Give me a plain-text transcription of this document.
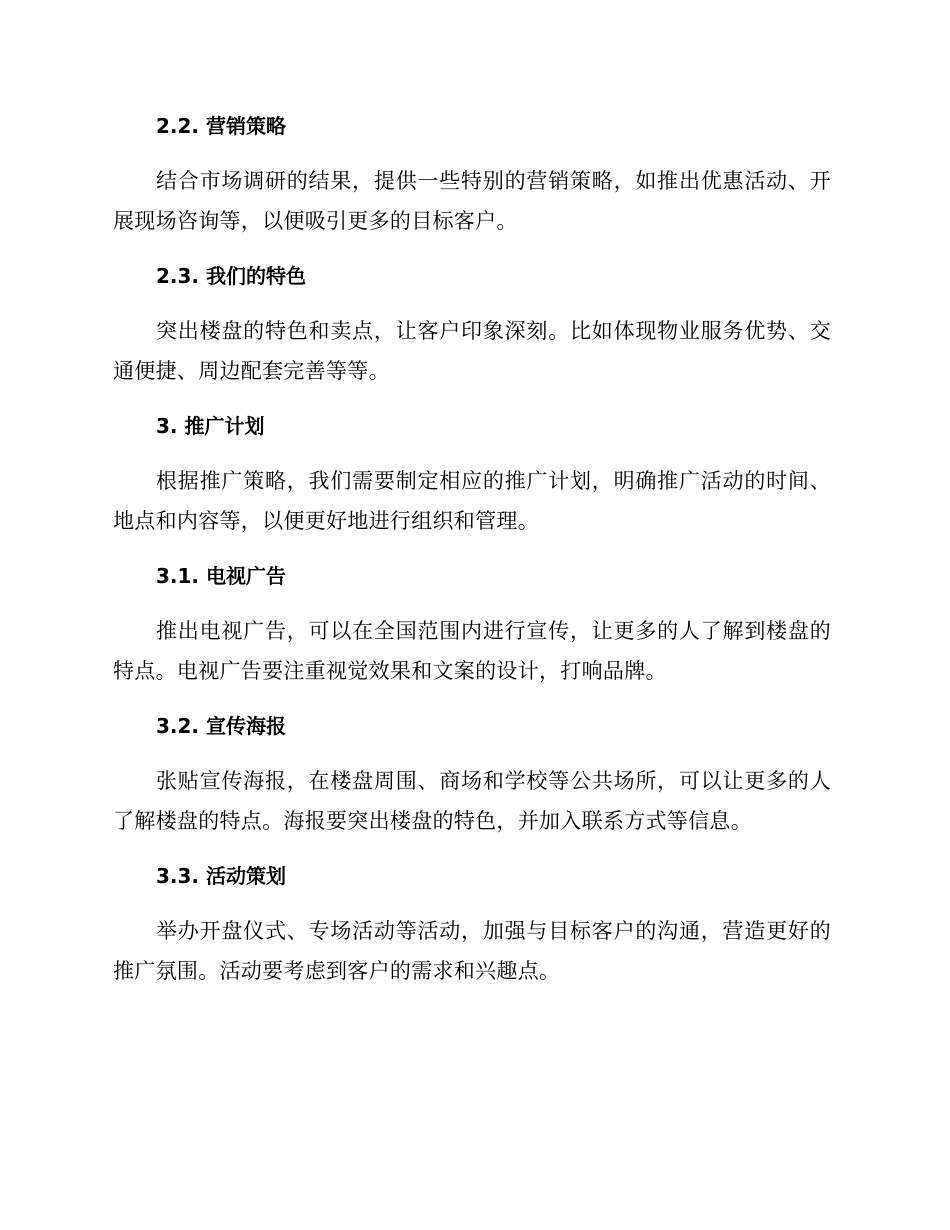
2.2. 营销策略

结合市场调研的结果，提供一些特别的营销策略，如推出优惠活动、开展现场咨询等，以便吸引更多的目标客户。

2.3. 我们的特色

突出楼盘的特色和卖点，让客户印象深刻。比如体现物业服务优势、交通便捷、周边配套完善等等。

3. 推广计划

根据推广策略，我们需要制定相应的推广计划，明确推广活动的时间、地点和内容等，以便更好地进行组织和管理。

3.1. 电视广告

推出电视广告，可以在全国范围内进行宣传，让更多的人了解到楼盘的特点。电视广告要注重视觉效果和文案的设计，打响品牌。

3.2. 宣传海报

张贴宣传海报，在楼盘周围、商场和学校等公共场所，可以让更多的人了解楼盘的特点。海报要突出楼盘的特色，并加入联系方式等信息。

3.3. 活动策划

举办开盘仪式、专场活动等活动，加强与目标客户的沟通，营造更好的推广氛围。活动要考虑到客户的需求和兴趣点。
